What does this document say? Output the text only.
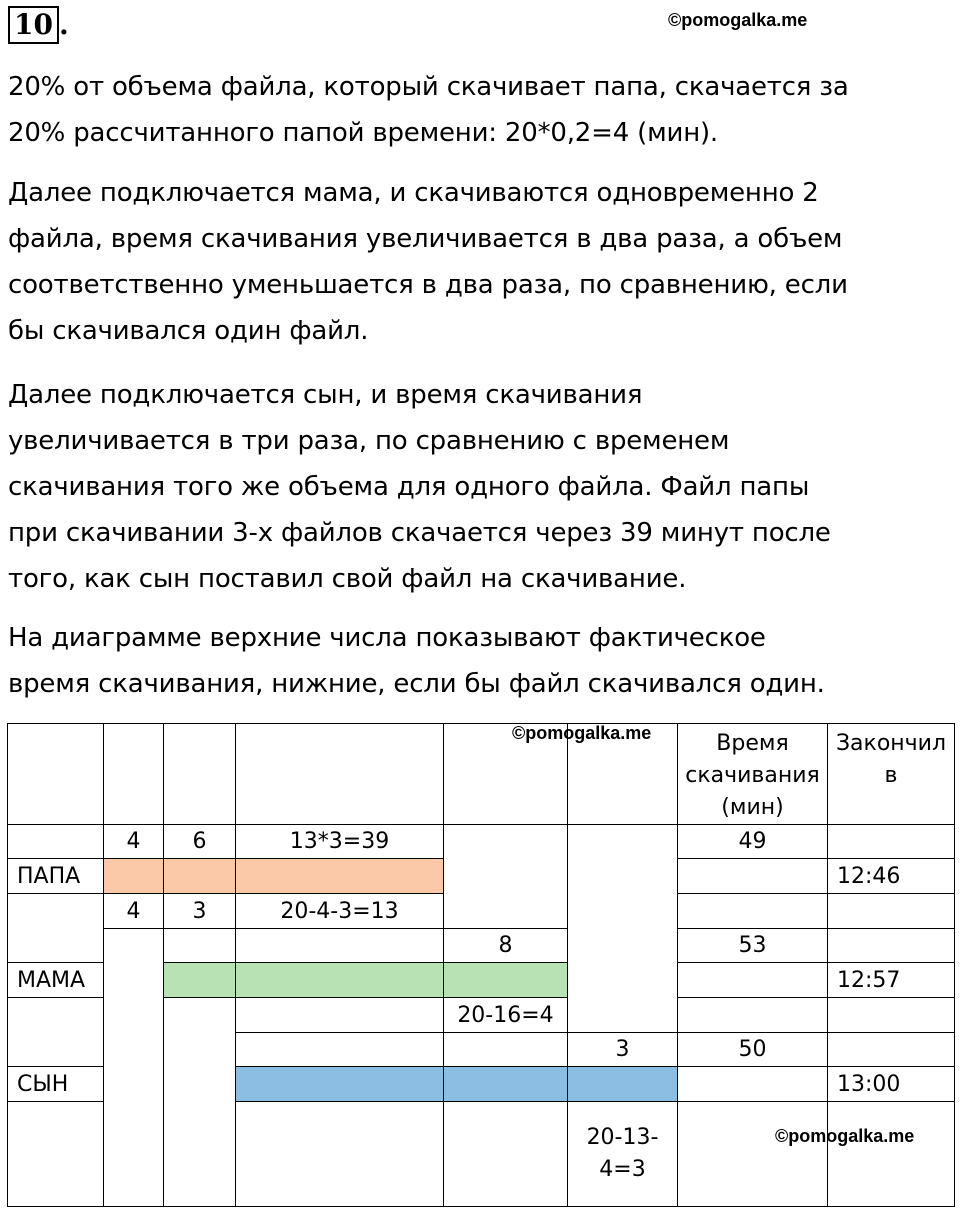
10 .	©pomogalka.me

20% от объема файла, который скачивает папа, скачается за
20% рассчитанного папой времени: 20*0,2=4 (мин).

Далее подключается мама, и скачиваются одновременно 2
файла, время скачивания увеличивается в два раза, а объем
соответственно уменьшается в два раза, по сравнению, если
бы скачивался один файл.

Далее подключается сын, и время скачивания
увеличивается в три раза, по сравнению с временем
скачивания того же объема для одного файла. Файл папы
при скачивании 3-х файлов скачается через 39 минут после
того, как сын поставил свой файл на скачивание.

На диаграмме верхние числа показывают фактическое
время скачивания, нижние, если бы файл скачивался один.

						Время скачивания (мин)	Закончил в
	4	6	13*3=39			49	
ПАПА							12:46
	4	3	20-4-3=13				
				8		53	
МАМА							12:57
				20-16=4			
					3	50	
СЫН							13:00
					20-13-4=3		
©pomogalka.me
©pomogalka.me
